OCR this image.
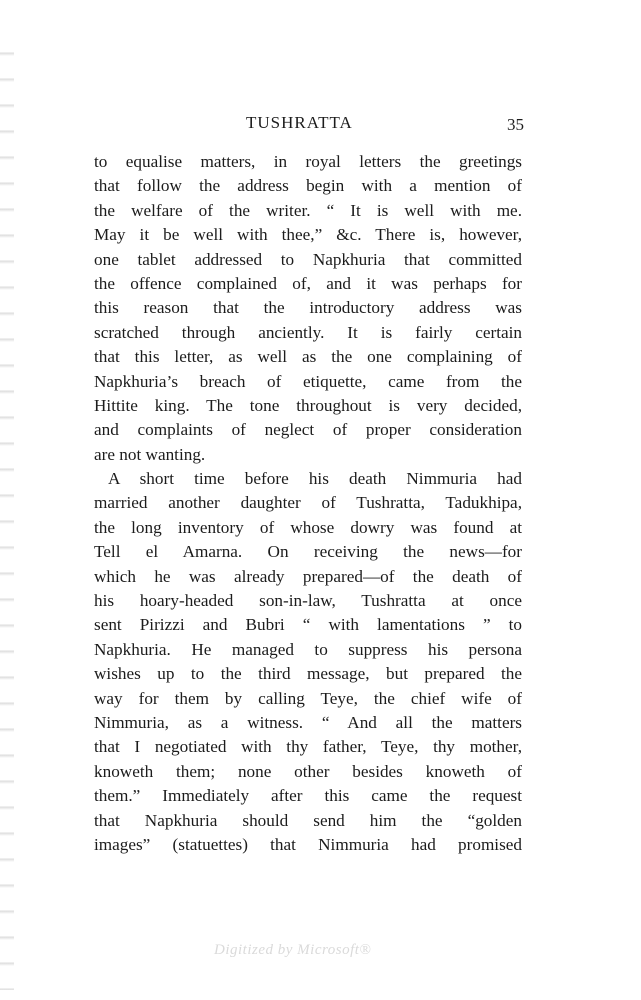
TUSHRATTA	35
to equalise matters, in royal letters the greetings
that follow the address begin with a mention of
the welfare of the writer. “ It is well with me.
May it be well with thee,” &c. There is, however,
one tablet addressed to Napkhuria that committed
the offence complained of, and it was perhaps for
this reason that the introductory address was
scratched through anciently. It is fairly certain
that this letter, as well as the one complaining of
Napkhuria’s breach of etiquette, came from the
Hittite king. The tone throughout is very decided,
and complaints of neglect of proper consideration
are not wanting.
A short time before his death Nimmuria had
married another daughter of Tushratta, Tadukhipa,
the long inventory of whose dowry was found at
Tell el Amarna. On receiving the news—for
which he was already prepared—of the death of
his hoary-headed son-in-law, Tushratta at once
sent Pirizzi and Bubri “ with lamentations ” to
Napkhuria. He managed to suppress his persona
wishes up to the third message, but prepared the
way for them by calling Teye, the chief wife of
Nimmuria, as a witness. “ And all the matters
that I negotiated with thy father, Teye, thy mother,
knoweth them; none other besides knoweth of
them.” Immediately after this came the request
that Napkhuria should send him the “golden
images” (statuettes) that Nimmuria had promised
Digitized by Microsoft®
